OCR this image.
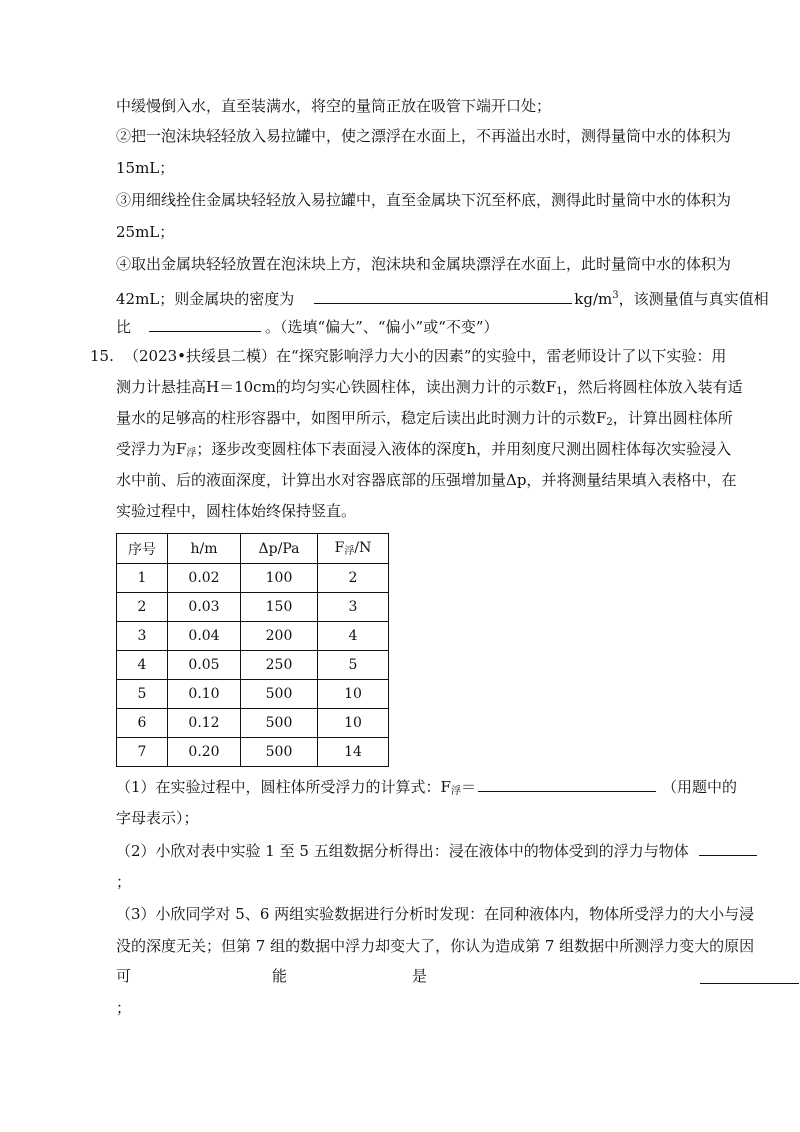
中缓慢倒入水，直至装满水，将空的量筒正放在吸管下端开口处；
②把一泡沫块轻轻放入易拉罐中，使之漂浮在水面上，不再溢出水时，测得量筒中水的体积为
15mL；
③用细线拴住金属块轻轻放入易拉罐中，直至金属块下沉至杯底，测得此时量筒中水的体积为
25mL；
④取出金属块轻轻放置在泡沫块上方，泡沫块和金属块漂浮在水面上，此时量筒中水的体积为
42mL；则金属块的密度为	$kg/m^3$，该测量值与真实值相
比	。（选填“偏大”、“偏小”或“不变”）
15. （2023•扶绥县二模）在“探究影响浮力大小的因素”的实验中，雷老师设计了以下实验：用
测力计悬挂高H＝10cm的均匀实心铁圆柱体，读出测力计的示数$F_1$，然后将圆柱体放入装有适
量水的足够高的柱形容器中，如图甲所示，稳定后读出此时测力计的示数$F_2$，计算出圆柱体所
受浮力为$F_浮$；逐步改变圆柱体下表面浸入液体的深度h，并用刻度尺测出圆柱体每次实验浸入
水中前、后的液面深度，计算出水对容器底部的压强增加量Δp，并将测量结果填入表格中，在
实验过程中，圆柱体始终保持竖直。
序号	h/m	Δp/Pa	$F_浮/N$
1	0.02	100	2
2	0.03	150	3
3	0.04	200	4
4	0.05	250	5
5	0.10	500	10
6	0.12	500	10
7	0.20	500	14
（1）在实验过程中，圆柱体所受浮力的计算式：$F_浮=$	（用题中的
字母表示）；
（2）小欣对表中实验 1 至 5 五组数据分析得出：浸在液体中的物体受到的浮力与物体
；
（3）小欣同学对 5、6 两组实验数据进行分析时发现：在同种液体内，物体所受浮力的大小与浸
没的深度无关；但第 7 组的数据中浮力却变大了，你认为造成第 7 组数据中所测浮力变大的原因
可	能	是
；
